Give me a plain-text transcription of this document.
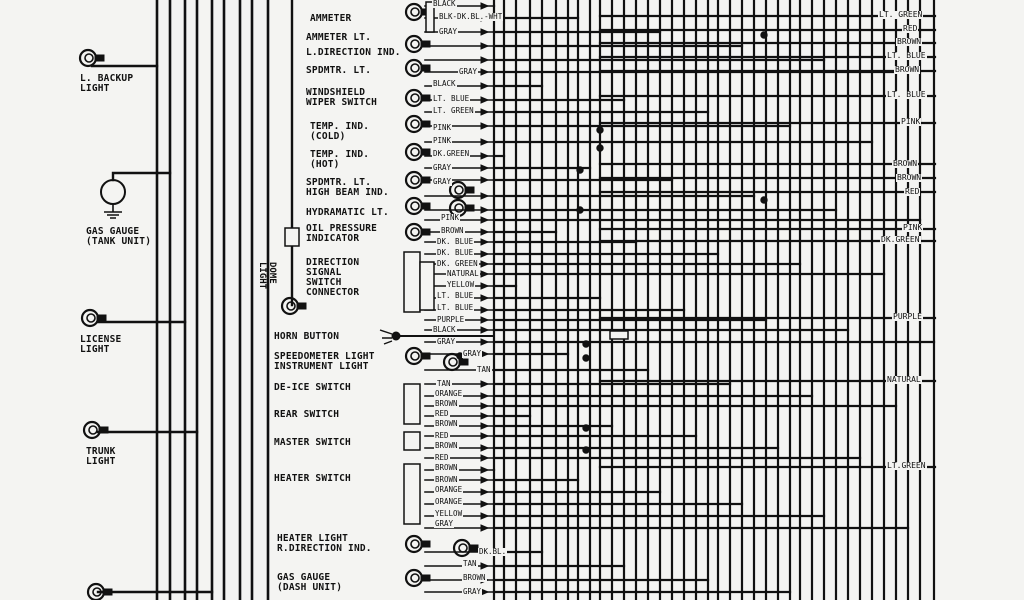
L. BACKUP
LIGHT
GAS GAUGE
(TANK UNIT)
LICENSE
LIGHT
TRUNK
LIGHT
DOME
LIGHT
AMMETER
AMMETER LT.
L.DIRECTION IND.
SPDMTR. LT.
WINDSHIELD
WIPER SWITCH
TEMP. IND.
(COLD)
TEMP. IND.
(HOT)
SPDMTR. LT.
HIGH BEAM IND.
HYDRAMATIC LT.
OIL PRESSURE
INDICATOR
DIRECTION
SIGNAL
SWITCH
CONNECTOR
HORN BUTTON
SPEEDOMETER LIGHT
INSTRUMENT LIGHT
DE-ICE SWITCH
REAR SWITCH
MASTER SWITCH
HEATER SWITCH
HEATER LIGHT
R.DIRECTION IND.
GAS GAUGE
(DASH UNIT)
BLACK
BLK-DK.BL.-WHT
GRAY
GRAY
BLACK
LT. BLUE
LT. GREEN
PINK
PINK
DK.GREEN
GRAY
GRAY
PINK
BROWN
DK. BLUE
DK. BLUE
DK. GREEN
NATURAL
YELLOW
LT. BLUE
LT. BLUE
PURPLE
BLACK
GRAY
GRAY
TAN
TAN
ORANGE
BROWN
RED
BROWN
RED
BROWN
RED
BROWN
BROWN
ORANGE
ORANGE
YELLOW
GRAY
DK.BL.
TAN
BROWN
GRAY
LT. GREEN
RED
BROWN
LT. BLUE
BROWN
LT. BLUE
PINK
BROWN
BROWN
RED
PINK
DK.GREEN
PURPLE
NATURAL
LT.GREEN
